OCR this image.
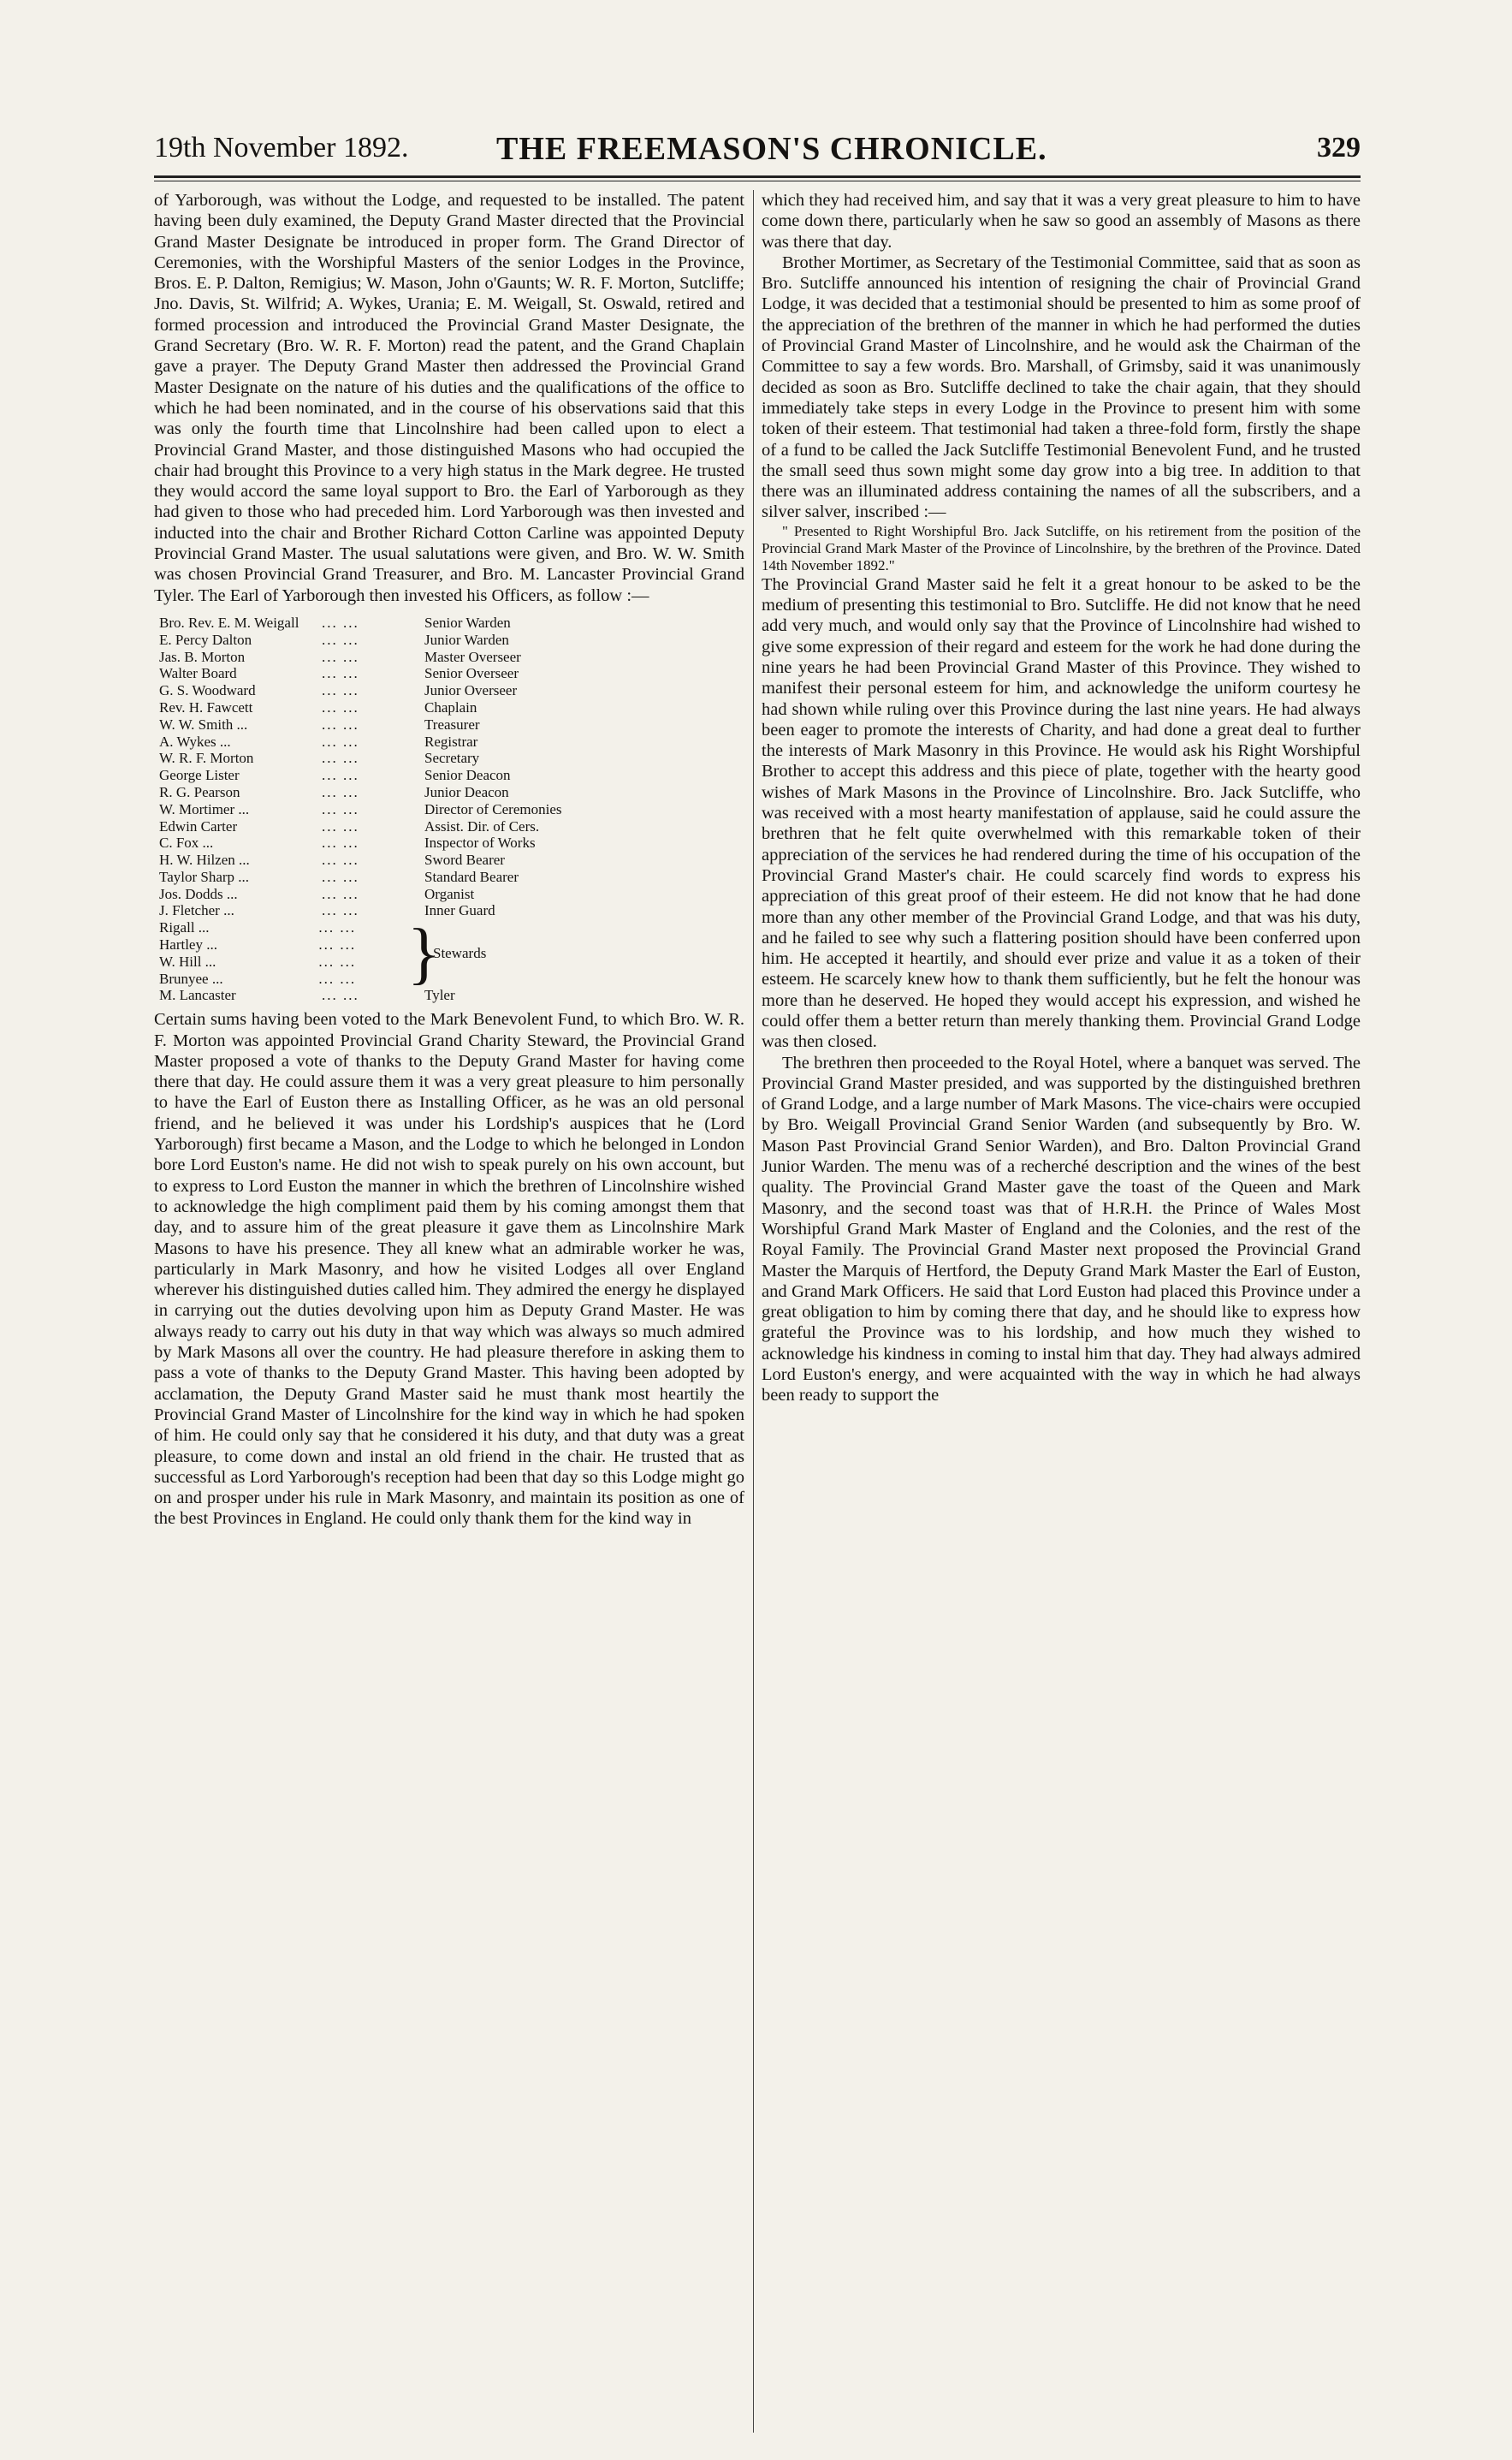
19th November 1892.	THE FREEMASON'S CHRONICLE.	329

of Yarborough, was without the Lodge, and requested to be installed. The patent having been duly examined, the Deputy Grand Master directed that the Provincial Grand Master Designate be introduced in proper form. The Grand Director of Ceremonies, with the Worshipful Masters of the senior Lodges in the Province, Bros. E. P. Dalton, Remigius; W. Mason, John o'Gaunts; W. R. F. Morton, Sutcliffe; Jno. Davis, St. Wilfrid; A. Wykes, Urania; E. M. Weigall, St. Oswald, retired and formed procession and introduced the Provincial Grand Master Designate, the Grand Secretary (Bro. W. R. F. Morton) read the patent, and the Grand Chaplain gave a prayer. The Deputy Grand Master then addressed the Provincial Grand Master Designate on the nature of his duties and the qualifications of the office to which he had been nominated, and in the course of his observations said that this was only the fourth time that Lincolnshire had been called upon to elect a Provincial Grand Master, and those distinguished Masons who had occupied the chair had brought this Province to a very high status in the Mark degree. He trusted they would accord the same loyal support to Bro. the Earl of Yarborough as they had given to those who had preceded him. Lord Yarborough was then invested and inducted into the chair and Brother Richard Cotton Carline was appointed Deputy Provincial Grand Master. The usual salutations were given, and Bro. W. W. Smith was chosen Provincial Grand Treasurer, and Bro. M. Lancaster Provincial Grand Tyler. The Earl of Yarborough then invested his Officers, as follow :—

Bro. Rev. E. M. Weigall	... ...	Senior Warden
E. Percy Dalton	... ...	Junior Warden
Jas. B. Morton	... ...	Master Overseer
Walter Board	... ...	Senior Overseer
G. S. Woodward	... ...	Junior Overseer
Rev. H. Fawcett	... ...	Chaplain
W. W. Smith ...	... ...	Treasurer
A. Wykes ...	... ...	Registrar
W. R. F. Morton	... ...	Secretary
George Lister	... ...	Senior Deacon
R. G. Pearson	... ...	Junior Deacon
W. Mortimer ...	... ...	Director of Ceremonies
Edwin Carter	... ...	Assist. Dir. of Cers.
C. Fox ...	... ...	Inspector of Works
H. W. Hilzen ...	... ...	Sword Bearer
Taylor Sharp ...	... ...	Standard Bearer
Jos. Dodds ...	... ...	Organist
J. Fletcher ...	... ...	Inner Guard
Rigall ...	... ...
Hartley ...	... ...
W. Hill ...	... ...
Brunyee ...	... ... }
Stewards
M. Lancaster	... ...	Tyler

Certain sums having been voted to the Mark Benevolent Fund, to which Bro. W. R. F. Morton was appointed Provincial Grand Charity Steward, the Provincial Grand Master proposed a vote of thanks to the Deputy Grand Master for having come there that day. He could assure them it was a very great pleasure to him personally to have the Earl of Euston there as Installing Officer, as he was an old personal friend, and he believed it was under his Lordship's auspices that he (Lord Yarborough) first became a Mason, and the Lodge to which he belonged in London bore Lord Euston's name. He did not wish to speak purely on his own account, but to express to Lord Euston the manner in which the brethren of Lincolnshire wished to acknowledge the high compliment paid them by his coming amongst them that day, and to assure him of the great pleasure it gave them as Lincolnshire Mark Masons to have his presence. They all knew what an admirable worker he was, particularly in Mark Masonry, and how he visited Lodges all over England wherever his distinguished duties called him. They admired the energy he displayed in carrying out the duties devolving upon him as Deputy Grand Master. He was always ready to carry out his duty in that way which was always so much admired by Mark Masons all over the country. He had pleasure therefore in asking them to pass a vote of thanks to the Deputy Grand Master. This having been adopted by acclamation, the Deputy Grand Master said he must thank most heartily the Provincial Grand Master of Lincolnshire for the kind way in which he had spoken of him. He could only say that he considered it his duty, and that duty was a great pleasure, to come down and instal an old friend in the chair. He trusted that as successful as Lord Yarborough's reception had been that day so this Lodge might go on and prosper under his rule in Mark Masonry, and maintain its position as one of the best Provinces in England. He could only thank them for the kind way in

which they had received him, and say that it was a very great pleasure to him to have come down there, particularly when he saw so good an assembly of Masons as there was there that day.

Brother Mortimer, as Secretary of the Testimonial Committee, said that as soon as Bro. Sutcliffe announced his intention of resigning the chair of Provincial Grand Lodge, it was decided that a testimonial should be presented to him as some proof of the appreciation of the brethren of the manner in which he had performed the duties of Provincial Grand Master of Lincolnshire, and he would ask the Chairman of the Committee to say a few words. Bro. Marshall, of Grimsby, said it was unanimously decided as soon as Bro. Sutcliffe declined to take the chair again, that they should immediately take steps in every Lodge in the Province to present him with some token of their esteem. That testimonial had taken a three-fold form, firstly the shape of a fund to be called the Jack Sutcliffe Testimonial Benevolent Fund, and he trusted the small seed thus sown might some day grow into a big tree. In addition to that there was an illuminated address containing the names of all the subscribers, and a silver salver, inscribed :—

" Presented to Right Worshipful Bro. Jack Sutcliffe, on his retirement from the position of the Provincial Grand Mark Master of the Province of Lincolnshire, by the brethren of the Province. Dated 14th November 1892."

The Provincial Grand Master said he felt it a great honour to be asked to be the medium of presenting this testimonial to Bro. Sutcliffe. He did not know that he need add very much, and would only say that the Province of Lincolnshire had wished to give some expression of their regard and esteem for the work he had done during the nine years he had been Provincial Grand Master of this Province. They wished to manifest their personal esteem for him, and acknowledge the uniform courtesy he had shown while ruling over this Province during the last nine years. He had always been eager to promote the interests of Charity, and had done a great deal to further the interests of Mark Masonry in this Province. He would ask his Right Worshipful Brother to accept this address and this piece of plate, together with the hearty good wishes of Mark Masons in the Province of Lincolnshire. Bro. Jack Sutcliffe, who was received with a most hearty manifestation of applause, said he could assure the brethren that he felt quite overwhelmed with this remarkable token of their appreciation of the services he had rendered during the time of his occupation of the Provincial Grand Master's chair. He could scarcely find words to express his appreciation of this great proof of their esteem. He did not know that he had done more than any other member of the Provincial Grand Lodge, and that was his duty, and he failed to see why such a flattering position should have been conferred upon him. He accepted it heartily, and should ever prize and value it as a token of their esteem. He scarcely knew how to thank them sufficiently, but he felt the honour was more than he deserved. He hoped they would accept his expression, and wished he could offer them a better return than merely thanking them. Provincial Grand Lodge was then closed.

The brethren then proceeded to the Royal Hotel, where a banquet was served. The Provincial Grand Master presided, and was supported by the distinguished brethren of Grand Lodge, and a large number of Mark Masons. The vice-chairs were occupied by Bro. Weigall Provincial Grand Senior Warden (and subsequently by Bro. W. Mason Past Provincial Grand Senior Warden), and Bro. Dalton Provincial Grand Junior Warden. The menu was of a recherché description and the wines of the best quality. The Provincial Grand Master gave the toast of the Queen and Mark Masonry, and the second toast was that of H.R.H. the Prince of Wales Most Worshipful Grand Mark Master of England and the Colonies, and the rest of the Royal Family. The Provincial Grand Master next proposed the Provincial Grand Master the Marquis of Hertford, the Deputy Grand Mark Master the Earl of Euston, and Grand Mark Officers. He said that Lord Euston had placed this Province under a great obligation to him by coming there that day, and he should like to express how grateful the Province was to his lordship, and how much they wished to acknowledge his kindness in coming to instal him that day. They had always admired Lord Euston's energy, and were acquainted with the way in which he had always been ready to support the
